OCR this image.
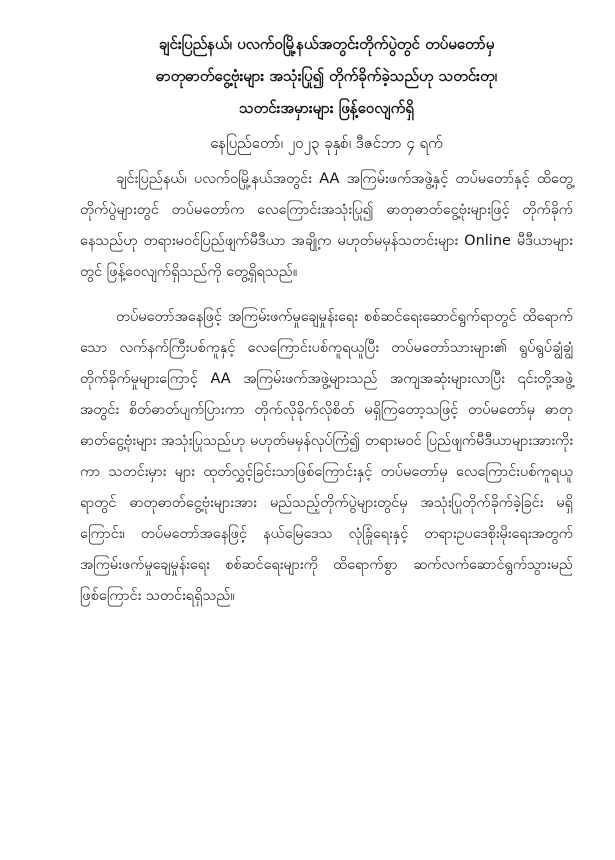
ချင်းပြည်နယ်၊ ပလက်ဝမြို့နယ်အတွင်းတိုက်ပွဲတွင် တပ်မတော်မှ
ဓာတုဓာတ်ငွေ့ဗုံးများ အသုံးပြု၍ တိုက်ခိုက်ခဲ့သည်ဟု သတင်းတု၊
သတင်းအမှားများ ဖြန့်ဝေလျက်ရှိ
နေပြည်တော်၊ ၂၀၂၃ ခုနှစ်၊ ဒီဇင်ဘာ ၄ ရက်

ချင်းပြည်နယ်၊ ပလက်ဝမြို့နယ်အတွင်း AA အကြမ်းဖက်အဖွဲ့နှင့် တပ်မတော်နှင့် ထိတွေ့တိုက်ပွဲများတွင် တပ်မတော်က လေကြောင်းအသုံးပြု၍ ဓာတုဓာတ်ငွေ့ဗုံးများဖြင့် တိုက်ခိုက်နေသည်ဟု တရားမဝင်ပြည်ဖျက်မီဒီယာ အချို့က မဟုတ်မမှန်သတင်းများ Online မီဒီယာများတွင် ဖြန့်ဝေလျက်ရှိသည်ကို တွေ့ရှိရသည်။

တပ်မတော်အနေဖြင့် အကြမ်းဖက်မှုချေမှုန်းရေး စစ်ဆင်ရေးဆောင်ရွက်ရာတွင် ထိရောက်သော လက်နက်ကြီးပစ်ကူနှင့် လေကြောင်းပစ်ကူရယူပြီး တပ်မတော်သားများ၏ ရွပ်ရွပ်ချွံချွံတိုက်ခိုက်မှုများကြောင့် AA အကြမ်းဖက်အဖွဲ့များသည် အကျအဆုံးများလာပြီး ၎င်းတို့အဖွဲ့အတွင်း စိတ်ဓာတ်ပျက်ပြားကာ တိုက်လိုခိုက်လိုစိတ် မရှိကြတော့သဖြင့် တပ်မတော်မှ ဓာတုဓာတ်ငွေ့ဗုံးများ အသုံးပြုသည်ဟု မဟုတ်မမှန်လုပ်ကြံ၍ တရားမဝင် ပြည်ဖျက်မီဒီယာများအားကိုးကာ သတင်းမှား များ ထုတ်လွှင့်ခြင်းသာဖြစ်ကြောင်းနှင့် တပ်မတော်မှ လေကြောင်းပစ်ကူရယူရာတွင် ဓာတုဓာတ်ငွေ့ဗုံးများအား မည်သည့်တိုက်ပွဲများတွင်မှ အသုံးပြုတိုက်ခိုက်ခဲ့ခြင်း မရှိကြောင်း၊ တပ်မတော်အနေဖြင့် နယ်မြေဒေသ လုံခြုံရေးနှင့် တရားဥပဒေစိုးမိုးရေးအတွက် အကြမ်းဖက်မှုချေမှုန်းရေး စစ်ဆင်ရေးများကို ထိရောက်စွာ ဆက်လက်ဆောင်ရွက်သွားမည်ဖြစ်ကြောင်း သတင်းရရှိသည်။
